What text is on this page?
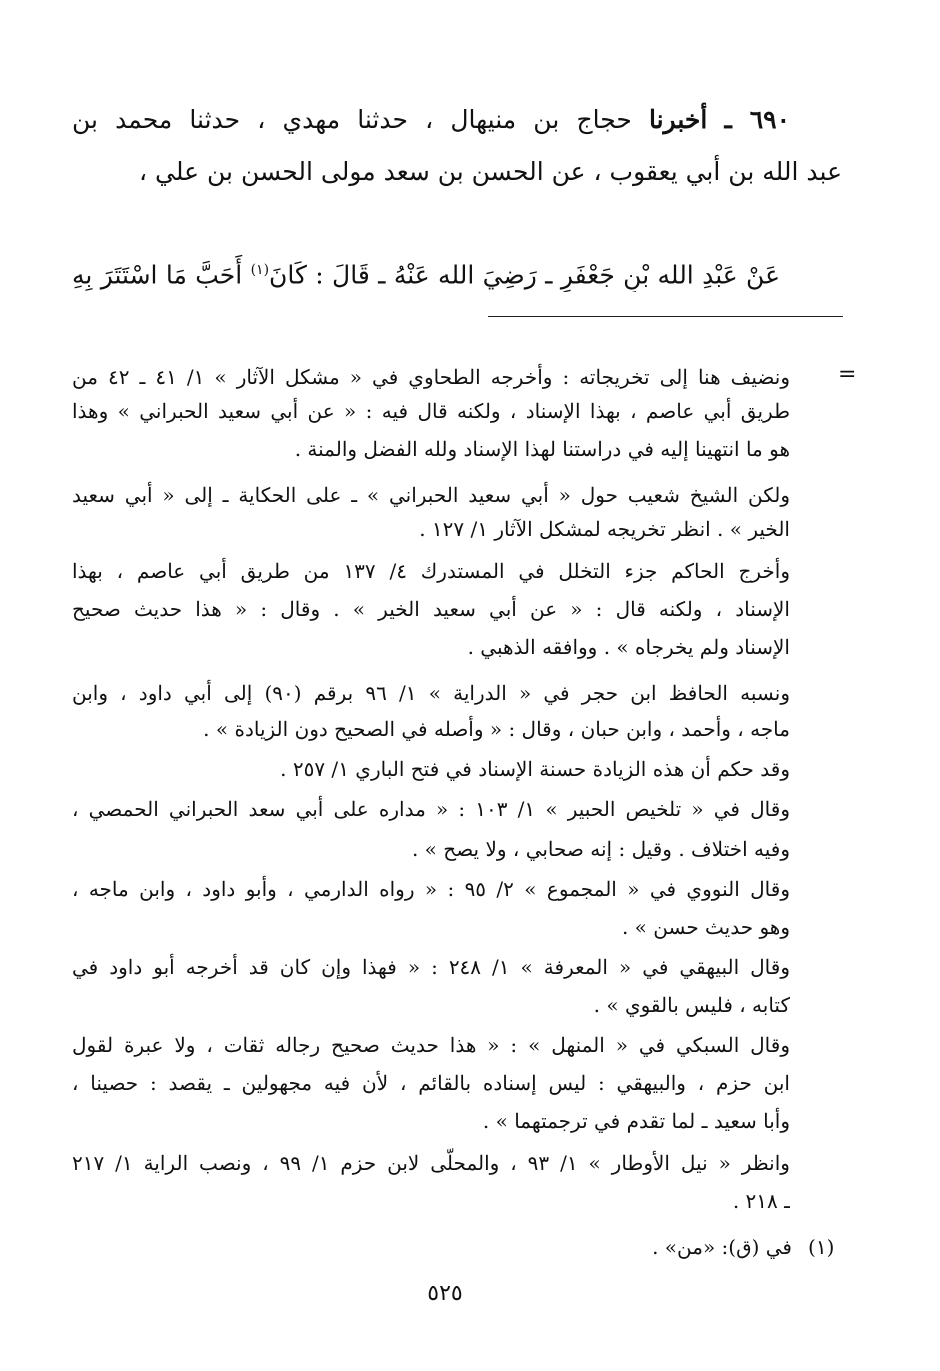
٦٩٠ ـ أخبرنا حجاج بن منيهال ، حدثنا مهدي ، حدثنا محمد بن
عبد الله بن أبي يعقوب ، عن الحسن بن سعد مولى الحسن بن علي ،
عَنْ عَبْدِ الله بْنِ جَعْفَرٍ ـ رَضِيَ الله عَنْهُ ـ قَالَ : كَانَ$^{(١)}$ أَحَبَّ مَا اسْتَتَرَ بِهِ
=
ونضيف هنا إلى تخريجاته : وأخرجه الطحاوي في « مشكل الآثار » ١/ ٤١ ـ ٤٢ من
طريق أبي عاصم ، بهذا الإسناد ، ولكنه قال فيه : « عن أبي سعيد الحبراني » وهذا
هو ما انتهينا إليه في دراستنا لهذا الإسناد ولله الفضل والمنة .
ولكن الشيخ شعيب حول « أبي سعيد الحبراني » ـ على الحكاية ـ إلى « أبي سعيد
الخير » . انظر تخريجه لمشكل الآثار ١/ ١٢٧ .
وأخرج الحاكم جزء التخلل في المستدرك ٤/ ١٣٧ من طريق أبي عاصم ، بهذا
الإسناد ، ولكنه قال : « عن أبي سعيد الخير » . وقال : « هذا حديث صحيح
الإسناد ولم يخرجاه » . ووافقه الذهبي .
ونسبه الحافظ ابن حجر في « الدراية » ١/ ٩٦ برقم (٩٠) إلى أبي داود ، وابن
ماجه ، وأحمد ، وابن حبان ، وقال : « وأصله في الصحيح دون الزيادة » .
وقد حكم أن هذه الزيادة حسنة الإسناد في فتح الباري ١/ ٢٥٧ .
وقال في « تلخيص الحبير » ١/ ١٠٣ : « مداره على أبي سعد الحبراني الحمصي ،
وفيه اختلاف . وقيل : إنه صحابي ، ولا يصح » .
وقال النووي في « المجموع » ٢/ ٩٥ : « رواه الدارمي ، وأبو داود ، وابن ماجه ،
وهو حديث حسن » .
وقال البيهقي في « المعرفة » ١/ ٢٤٨ : « فهذا وإن كان قد أخرجه أبو داود في
كتابه ، فليس بالقوي » .
وقال السبكي في « المنهل » : « هذا حديث صحيح رجاله ثقات ، ولا عبرة لقول
ابن حزم ، والبيهقي : ليس إسناده بالقائم ، لأن فيه مجهولين ـ يقصد : حصينا ،
وأبا سعيد ـ لما تقدم في ترجمتهما » .
وانظر « نيل الأوطار » ١/ ٩٣ ، والمحلّى لابن حزم ١/ ٩٩ ، ونصب الراية ١/ ٢١٧
ـ ٢١٨ .
(١)
في (ق): «من» .
٥٢٥
